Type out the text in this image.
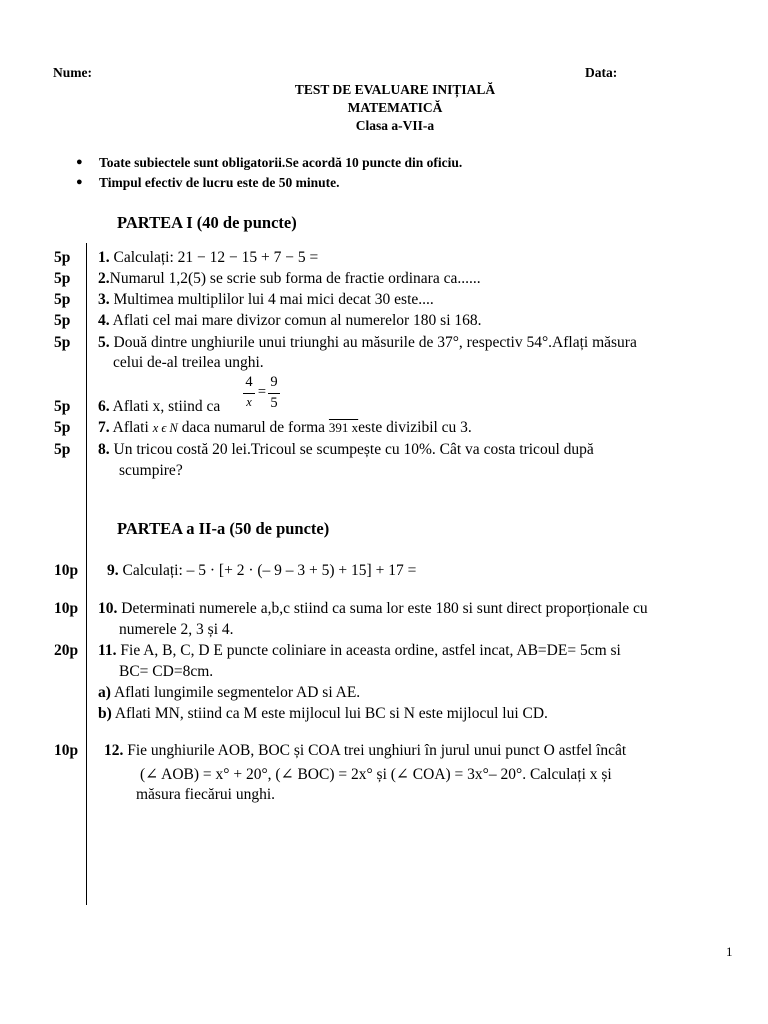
Nume:	Data:
TEST DE EVALUARE INIȚIALĂ
MATEMATICĂ
Clasa a-VII-a
● Toate subiectele sunt obligatorii.Se acordă 10 puncte din oficiu.
● Timpul efectiv de lucru este de 50 minute.
PARTEA I (40 de puncte)
5p 1. Calculați: 21 − 12 − 15 + 7 − 5 =
5p 2.Numarul 1,2(5) se scrie sub forma de fractie ordinara ca......
5p 3. Multimea multiplilor lui 4 mai mici decat 30 este....
5p 4. Aflati cel mai mare divizor comun al numerelor 180 si 168.
5p 5. Două dintre unghiurile unui triunghi au măsurile de 37°, respectiv 54°.Aflați măsura
celui de-al treilea unghi.
4
x
=
9
5
5p 6. Aflati x, stiind ca
5p 7. Aflati x ϵ N daca numarul de forma 391 xeste divizibil cu 3.
5p 8. Un tricou costă 20 lei.Tricoul se scumpește cu 10%. Cât va costa tricoul după
scumpire?
PARTEA a II-a (50 de puncte)
10p 9. Calculați: – 5 · [+ 2 · (– 9 – 3 + 5) + 15] + 17 =
10p 10. Determinati numerele a,b,c stiind ca suma lor este 180 si sunt direct proporționale cu
numerele 2, 3 și 4.
20p 11. Fie A, B, C, D E puncte coliniare in aceasta ordine, astfel incat, AB=DE= 5cm si
BC= CD=8cm.
a) Aflati lungimile segmentelor AD si AE.
b) Aflati MN, stiind ca M este mijlocul lui BC si N este mijlocul lui CD.
10p 12. Fie unghiurile AOB, BOC și COA trei unghiuri în jurul unui punct O astfel încât
(∠ AOB) = x° + 20°, (∠ BOC) = 2x° și (∠ COA) = 3x°– 20°. Calculați x și
măsura fiecărui unghi.
1
